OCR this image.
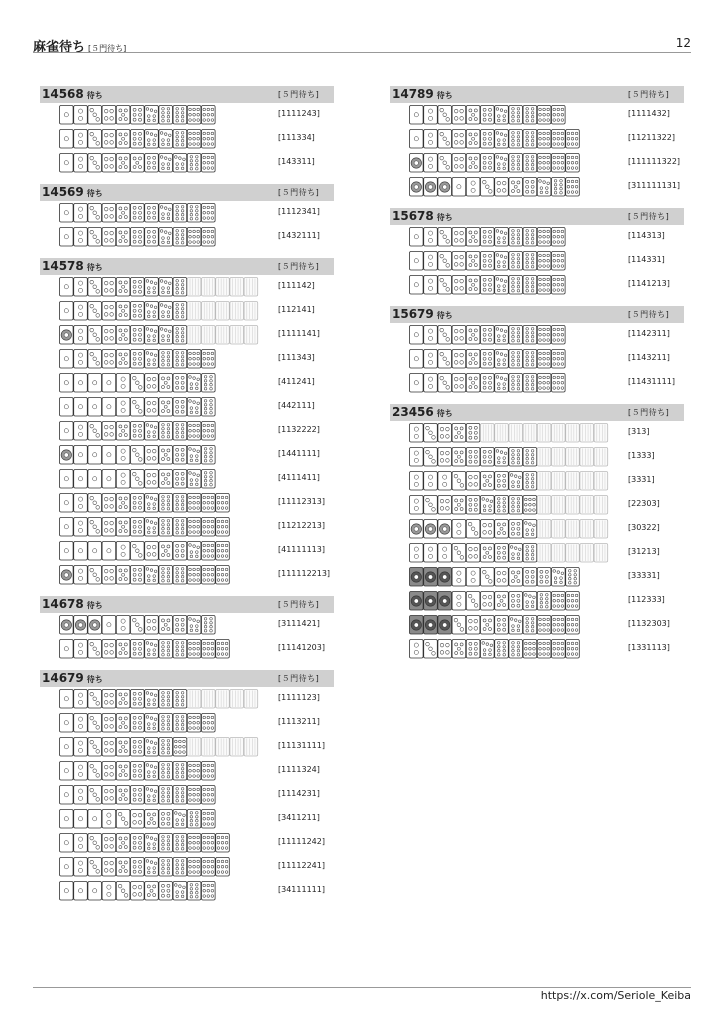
麻雀待ち [５門待ち]	12
14568 待ち	[５門待ち]
[1111243]
[111334]
[143311]
14569 待ち	[５門待ち]
[1112341]
[1432111]
14578 待ち	[５門待ち]
[111142]
[112141]
[1111141]
[111343]
[411241]
[442111]
[1132222]
[1441111]
[4111411]
[11112313]
[11212213]
[41111113]
[111112213]
14678 待ち	[５門待ち]
[3111421]
[11141203]
14679 待ち	[５門待ち]
[1111123]
[1113211]
[11131111]
[1111324]
[1114231]
[3411211]
[11111242]
[11112241]
[34111111]
14789 待ち	[５門待ち]
[1111432]
[11211322]
[111111322]
[311111131]
15678 待ち	[５門待ち]
[114313]
[114331]
[1141213]
15679 待ち	[５門待ち]
[1142311]
[1143211]
[11431111]
23456 待ち	[５門待ち]
[313]
[1333]
[3331]
[22303]
[30322]
[31213]
[33331]
[112333]
[1132303]
[1331113]
https://x.com/Seriole_Keiba
